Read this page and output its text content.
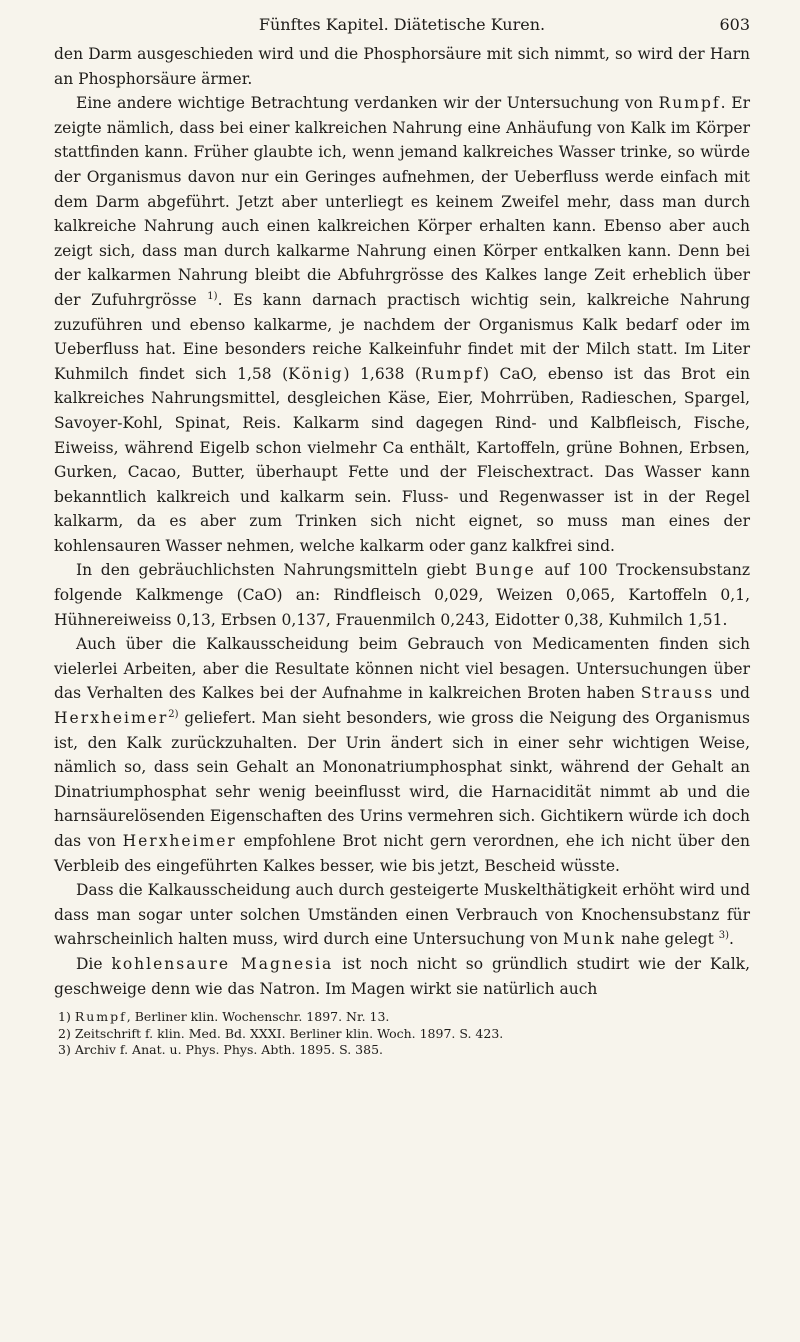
Fünftes Kapitel. Diätetische Kuren.	603

den Darm ausgeschieden wird und die Phosphorsäure mit sich nimmt, so wird der Harn an Phosphorsäure ärmer.

Eine andere wichtige Betrachtung verdanken wir der Untersuchung von Rumpf. Er zeigte nämlich, dass bei einer kalkreichen Nahrung eine Anhäufung von Kalk im Körper stattfinden kann. Früher glaubte ich, wenn jemand kalkreiches Wasser trinke, so würde der Organismus davon nur ein Geringes aufnehmen, der Ueberfluss werde einfach mit dem Darm abgeführt. Jetzt aber unterliegt es keinem Zweifel mehr, dass man durch kalkreiche Nahrung auch einen kalkreichen Körper erhalten kann. Ebenso aber auch zeigt sich, dass man durch kalkarme Nahrung einen Körper entkalken kann. Denn bei der kalkarmen Nahrung bleibt die Abfuhrgrösse des Kalkes lange Zeit erheblich über der Zufuhrgrösse $^{1)}$. Es kann darnach practisch wichtig sein, kalkreiche Nahrung zuzuführen und ebenso kalkarme, je nachdem der Organismus Kalk bedarf oder im Ueberfluss hat. Eine besonders reiche Kalkeinfuhr findet mit der Milch statt. Im Liter Kuhmilch findet sich 1,58 (König) 1,638 (Rumpf) CaO, ebenso ist das Brot ein kalkreiches Nahrungsmittel, desgleichen Käse, Eier, Mohrrüben, Radieschen, Spargel, Savoyer-Kohl, Spinat, Reis. Kalkarm sind dagegen Rind- und Kalbfleisch, Fische, Eiweiss, während Eigelb schon vielmehr Ca enthält, Kartoffeln, grüne Bohnen, Erbsen, Gurken, Cacao, Butter, überhaupt Fette und der Fleischextract. Das Wasser kann bekanntlich kalkreich und kalkarm sein. Fluss- und Regenwasser ist in der Regel kalkarm, da es aber zum Trinken sich nicht eignet, so muss man eines der kohlensauren Wasser nehmen, welche kalkarm oder ganz kalkfrei sind.

In den gebräuchlichsten Nahrungsmitteln giebt Bunge auf 100 Trockensubstanz folgende Kalkmenge (CaO) an: Rindfleisch 0,029, Weizen 0,065, Kartoffeln 0,1, Hühnereiweiss 0,13, Erbsen 0,137, Frauenmilch 0,243, Eidotter 0,38, Kuhmilch 1,51.

Auch über die Kalkausscheidung beim Gebrauch von Medicamenten finden sich vielerlei Arbeiten, aber die Resultate können nicht viel besagen. Untersuchungen über das Verhalten des Kalkes bei der Aufnahme in kalkreichen Broten haben Strauss und Herxheimer$^{2)}$ geliefert. Man sieht besonders, wie gross die Neigung des Organismus ist, den Kalk zurückzuhalten. Der Urin ändert sich in einer sehr wichtigen Weise, nämlich so, dass sein Gehalt an Mononatriumphosphat sinkt, während der Gehalt an Dinatriumphosphat sehr wenig beeinflusst wird, die Harnacidität nimmt ab und die harnsäurelösenden Eigenschaften des Urins vermehren sich. Gichtikern würde ich doch das von Herxheimer empfohlene Brot nicht gern verordnen, ehe ich nicht über den Verbleib des eingeführten Kalkes besser, wie bis jetzt, Bescheid wüsste.

Dass die Kalkausscheidung auch durch gesteigerte Muskelthätigkeit erhöht wird und dass man sogar unter solchen Umständen einen Verbrauch von Knochensubstanz für wahrscheinlich halten muss, wird durch eine Untersuchung von Munk nahe gelegt $^{3)}$.

Die kohlensaure Magnesia ist noch nicht so gründlich studirt wie der Kalk, geschweige denn wie das Natron. Im Magen wirkt sie natürlich auch

1) Rumpf, Berliner klin. Wochenschr. 1897. Nr. 13.
2) Zeitschrift f. klin. Med. Bd. XXXI. Berliner klin. Woch. 1897. S. 423.
3) Archiv f. Anat. u. Phys. Phys. Abth. 1895. S. 385.
